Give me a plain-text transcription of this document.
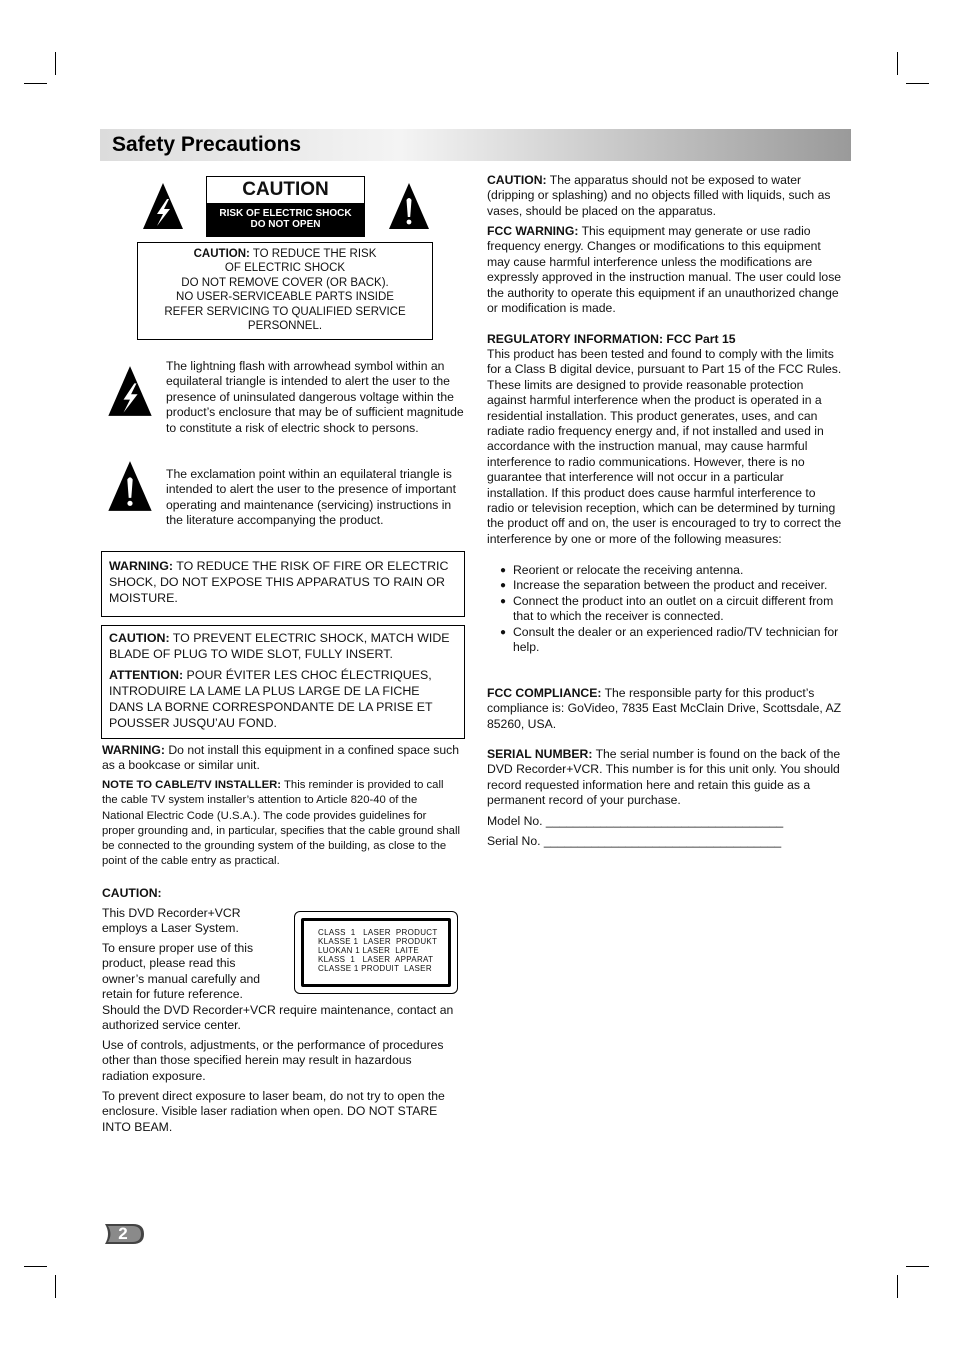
Safety Precautions
CAUTION
RISK OF ELECTRIC SHOCK
DO NOT OPEN
CAUTION: TO REDUCE THE RISK
OF ELECTRIC SHOCK
DO NOT REMOVE COVER (OR BACK).
NO USER-SERVICEABLE PARTS INSIDE
REFER SERVICING TO QUALIFIED SERVICE
PERSONNEL.

The lightning flash with arrowhead symbol within an equilateral triangle is intended to alert the user to the presence of uninsulated dangerous voltage within the product’s enclosure that may be of sufficient magnitude to constitute a risk of electric shock to persons.

The exclamation point within an equilateral triangle is intended to alert the user to the presence of important operating and maintenance (servicing) instructions in the literature accompanying the product.

WARNING: TO REDUCE THE RISK OF FIRE OR ELECTRIC SHOCK, DO NOT EXPOSE THIS APPARATUS TO RAIN OR MOISTURE.

CAUTION: TO PREVENT ELECTRIC SHOCK, MATCH WIDE BLADE OF PLUG TO WIDE SLOT, FULLY INSERT.

ATTENTION: POUR ÉVITER LES CHOC ÉLECTRIQUES, INTRODUIRE LA LAME LA PLUS LARGE DE LA FICHE DANS LA BORNE CORRESPONDANTE DE LA PRISE ET POUSSER JUSQU’AU FOND.

WARNING: Do not install this equipment in a confined space such as a bookcase or similar unit.

NOTE TO CABLE/TV INSTALLER: This reminder is provided to call the cable TV system installer’s attention to Article 820-40 of the National Electric Code (U.S.A.). The code provides guidelines for proper grounding and, in particular, specifies that the cable ground shall be connected to the grounding system of the building, as close to the point of the cable entry as practical.

CAUTION:

This DVD Recorder+VCR employs a Laser System.

To ensure proper use of this product, please read this owner’s manual carefully and retain for future reference.

Should the DVD Recorder+VCR require maintenance, contact an authorized service center.

Use of controls, adjustments, or the performance of procedures other than those specified herein may result in hazardous radiation exposure.

To prevent direct exposure to laser beam, do not try to open the enclosure. Visible laser radiation when open. DO NOT STARE INTO BEAM.

CLASS  1   LASER  PRODUCT
KLASSE 1  LASER  PRODUKT
LUOKAN 1 LASER  LAITE
KLASS  1   LASER  APPARAT
CLASSE 1 PRODUIT  LASER

CAUTION: The apparatus should not be exposed to water (dripping or splashing) and no objects filled with liquids, such as vases, should be placed on the apparatus.

FCC WARNING: This equipment may generate or use radio frequency energy. Changes or modifications to this equipment may cause harmful interference unless the modifications are expressly approved in the instruction manual. The user could lose the authority to operate this equipment if an unauthorized change or modification is made.

REGULATORY INFORMATION: FCC Part 15

This product has been tested and found to comply with the limits for a Class B digital device, pursuant to Part 15 of the FCC Rules. These limits are designed to provide reasonable protection against harmful interference when the product is operated in a residential installation. This product generates, uses, and can radiate radio frequency energy and, if not installed and used in accordance with the instruction manual, may cause harmful interference to radio communications. However, there is no guarantee that interference will not occur in a particular installation. If this product does cause harmful interference to radio or television reception, which can be determined by turning the product off and on, the user is encouraged to try to correct the interference by one or more of the following measures:

● Reorient or relocate the receiving antenna.
● Increase the separation between the product and receiver.
● Connect the product into an outlet on a circuit different from that to which the receiver is connected.
● Consult the dealer or an experienced radio/TV technician for help.

FCC COMPLIANCE: The responsible party for this product’s compliance is: GoVideo, 7835 East McClain Drive, Scottsdale, AZ 85260, USA.

SERIAL NUMBER: The serial number is found on the back of the DVD Recorder+VCR. This number is for this unit only. You should record requested information here and retain this guide as a permanent record of your purchase.

Model No. ___________________________________

Serial No. ___________________________________

2
